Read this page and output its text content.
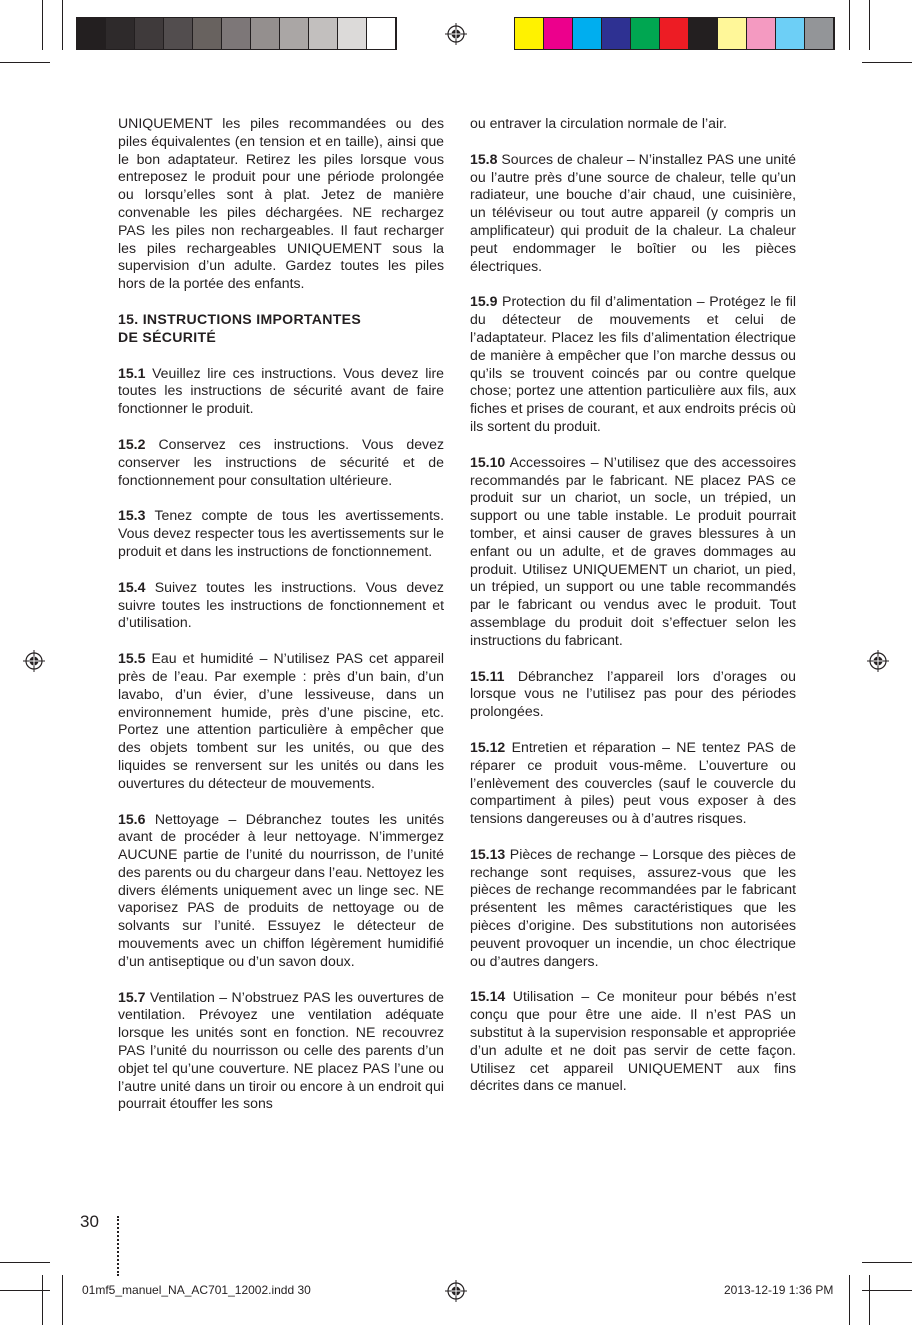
UNIQUEMENT les piles recommandées ou des piles équivalentes (en tension et en taille), ainsi que le bon adaptateur. Retirez les piles lorsque vous entreposez le produit pour une période prolongée ou lorsqu’elles sont à plat. Jetez de manière convenable les piles déchargées. NE rechargez PAS les piles non rechargeables. Il faut recharger les piles rechargeables UNIQUEMENT sous la supervision d’un adulte. Gardez toutes les piles hors de la portée des enfants.

15. INSTRUCTIONS IMPORTANTES
DE SÉCURITÉ

15.1 Veuillez lire ces instructions. Vous devez lire toutes les instructions de sécurité avant de faire fonctionner le produit.

15.2 Conservez ces instructions. Vous devez conserver les instructions de sécurité et de fonctionnement pour consultation ultérieure.

15.3 Tenez compte de tous les avertissements. Vous devez respecter tous les avertissements sur le produit et dans les instructions de fonctionnement.

15.4 Suivez toutes les instructions. Vous devez suivre toutes les instructions de fonctionnement et d’utilisation.

15.5 Eau et humidité – N’utilisez PAS cet appareil près de l’eau. Par exemple : près d’un bain, d’un lavabo, d’un évier, d’une lessiveuse, dans un environnement humide, près d’une piscine, etc. Portez une attention particulière à empêcher que des objets tombent sur les unités, ou que des liquides se renversent sur les unités ou dans les ouvertures du détecteur de mouvements.

15.6 Nettoyage – Débranchez toutes les unités avant de procéder à leur nettoyage. N’immergez AUCUNE partie de l’unité du nourrisson, de l’unité des parents ou du chargeur dans l’eau. Nettoyez les divers éléments uniquement avec un linge sec. NE vaporisez PAS de produits de nettoyage ou de solvants sur l’unité. Essuyez le détecteur de mouvements avec un chiffon légèrement humidifié d’un antiseptique ou d’un savon doux.

15.7 Ventilation – N’obstruez PAS les ouvertures de ventilation. Prévoyez une ventilation adéquate lorsque les unités sont en fonction. NE recouvrez PAS l’unité du nourrisson ou celle des parents d’un objet tel qu’une couverture. NE placez PAS l’une ou l’autre unité dans un tiroir ou encore à un endroit qui pourrait étouffer les sons

ou entraver la circulation normale de l’air.

15.8 Sources de chaleur – N’installez PAS une unité ou l’autre près d’une source de chaleur, telle qu’un radiateur, une bouche d’air chaud, une cuisinière, un téléviseur ou tout autre appareil (y compris un amplificateur) qui produit de la chaleur. La chaleur peut endommager le boîtier ou les pièces électriques.

15.9 Protection du fil d’alimentation – Protégez le fil du détecteur de mouvements et celui de l’adaptateur. Placez les fils d’alimentation électrique de manière à empêcher que l’on marche dessus ou qu’ils se trouvent coincés par ou contre quelque chose; portez une attention particulière aux fils, aux fiches et prises de courant, et aux endroits précis où ils sortent du produit.

15.10 Accessoires – N’utilisez que des accessoires recommandés par le fabricant. NE placez PAS ce produit sur un chariot, un socle, un trépied, un support ou une table instable. Le produit pourrait tomber, et ainsi causer de graves blessures à un enfant ou un adulte, et de graves dommages au produit. Utilisez UNIQUEMENT un chariot, un pied, un trépied, un support ou une table recommandés par le fabricant ou vendus avec le produit. Tout assemblage du produit doit s’effectuer selon les instructions du fabricant.

15.11 Débranchez l’appareil lors d’orages ou lorsque vous ne l’utilisez pas pour des périodes prolongées.

15.12 Entretien et réparation – NE tentez PAS de réparer ce produit vous-même. L’ouverture ou l’enlèvement des couvercles (sauf le couvercle du compartiment à piles) peut vous exposer à des tensions dangereuses ou à d’autres risques.

15.13 Pièces de rechange – Lorsque des pièces de rechange sont requises, assurez-vous que les pièces de rechange recommandées par le fabricant présentent les mêmes caractéristiques que les pièces d’origine. Des substitutions non autorisées peuvent provoquer un incendie, un choc électrique ou d’autres dangers.

15.14 Utilisation – Ce moniteur pour bébés n’est conçu que pour être une aide. Il n’est PAS un substitut à la supervision responsable et appropriée d’un adulte et ne doit pas servir de cette façon. Utilisez cet appareil UNIQUEMENT aux fins décrites dans ce manuel.

30
01mf5_manuel_NA_AC701_12002.indd 30	2013-12-19 1:36 PM
